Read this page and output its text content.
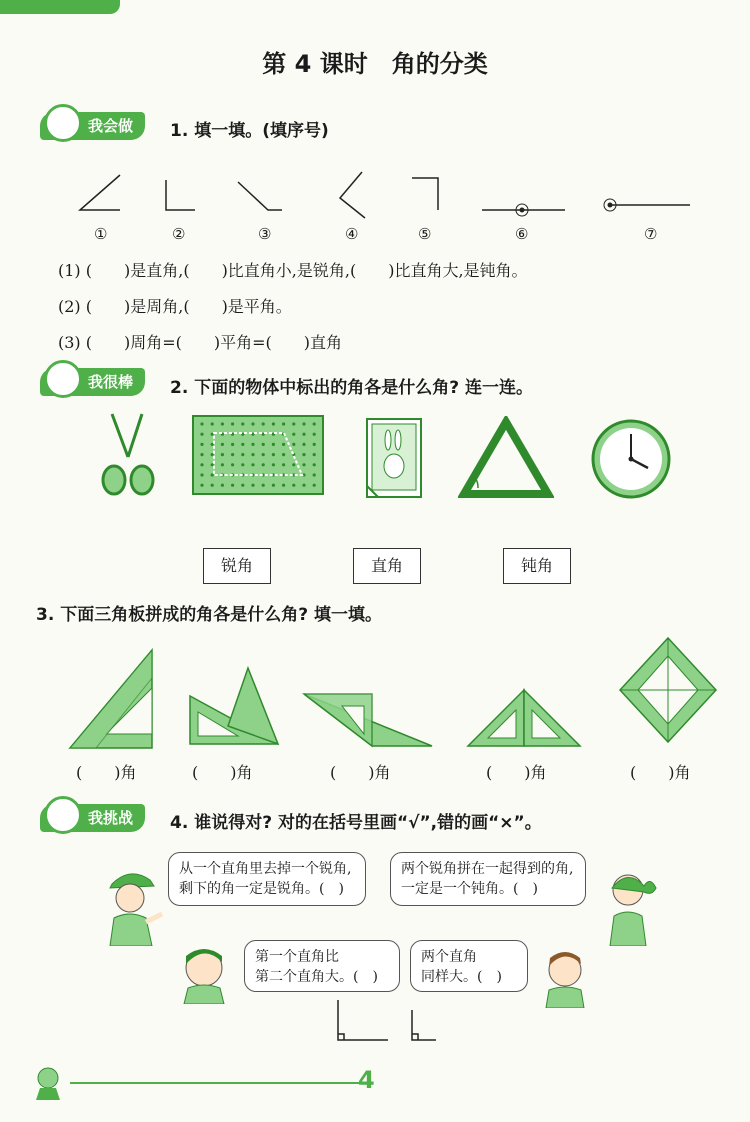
第 4 课时　角的分类
我会做	1. 填一填。(填序号)
①	②	③	④	⑤	⑥	⑦
(1) (　　)是直角,(　　)比直角小,是锐角,(　　)比直角大,是钝角。
(2) (　　)是周角,(　　)是平角。
(3) (　　)周角=(　　)平角=(　　)直角
我很棒	2. 下面的物体中标出的角各是什么角? 连一连。
锐角	直角	钝角
3. 下面三角板拼成的角各是什么角? 填一填。
(　　)角	(　　)角	(　　)角	(　　)角	(　　)角
我挑战	4. 谁说得对? 对的在括号里画“√”,错的画“×”。
从一个直角里去掉一个锐角,
剩下的角一定是锐角。(　)
两个锐角拼在一起得到的角,
一定是一个钝角。(　)
第一个直角比
第二个直角大。(　)
两个直角
同样大。(　)
4
